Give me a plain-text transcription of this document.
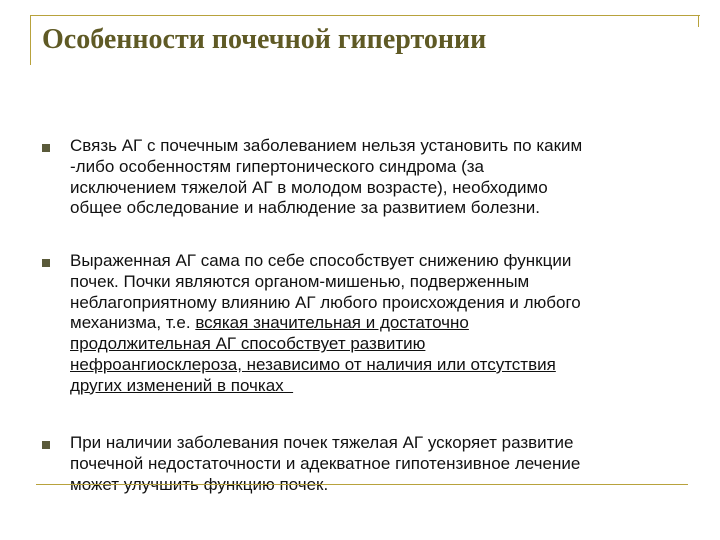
Особенности почечной гипертонии
Связь АГ с почечным заболеванием нельзя установить по каким
-либо особенностям гипертонического синдрома (за
исключением тяжелой АГ в молодом возрасте), необходимо
общее обследование и наблюдение за развитием болезни.
Выраженная АГ сама по себе способствует снижению функции
почек. Почки являются органом-мишенью, подверженным
неблагоприятному влиянию АГ любого происхождения и любого
механизма, т.е. всякая значительная и достаточно
продолжительная АГ способствует развитию
нефроангиосклероза, независимо от наличия или отсутствия
других изменений в почках
При наличии заболевания почек тяжелая АГ ускоряет развитие
почечной недостаточности и адекватное гипотензивное лечение
может улучшить функцию почек.
